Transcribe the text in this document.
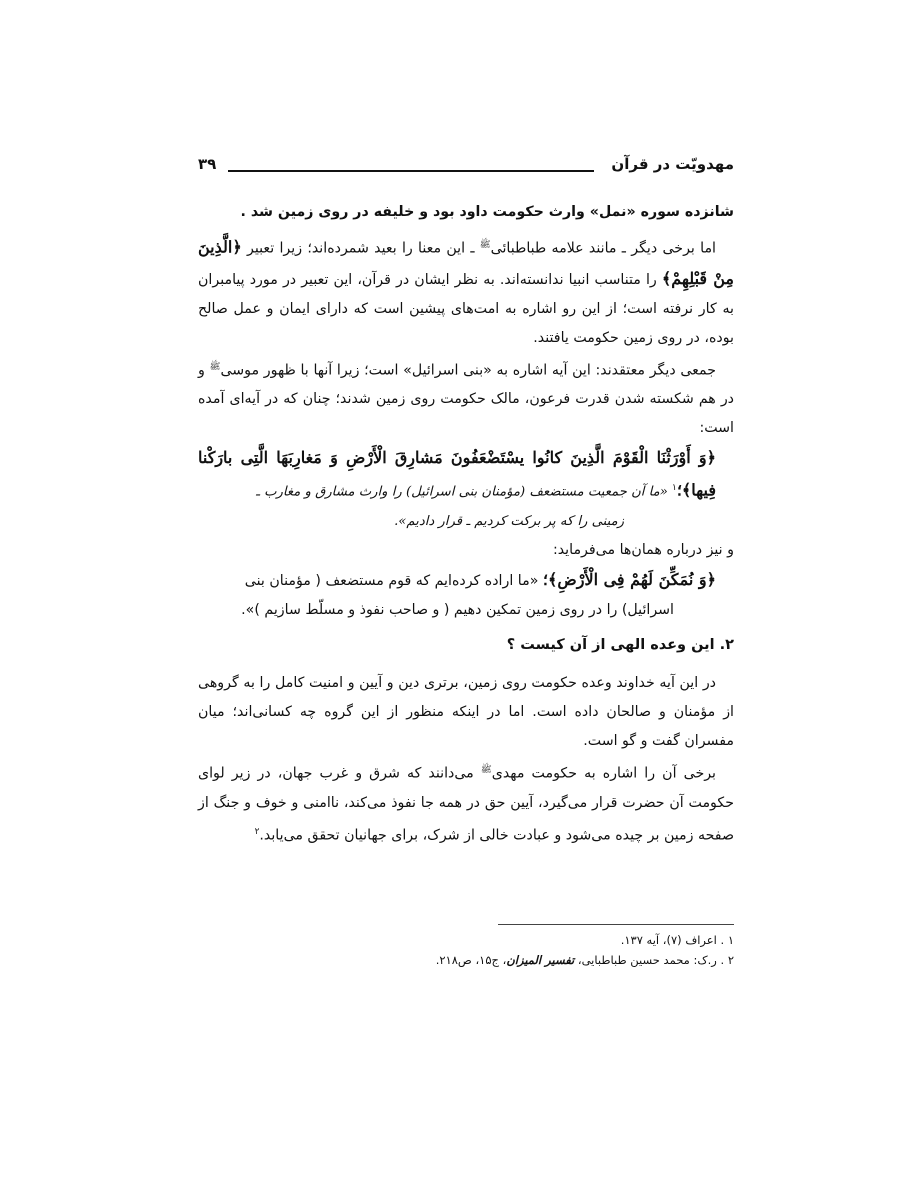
۳۹	مهدویّت در قرآن

شانزده سوره «نمل» وارث حکومت داود بود و خلیفه در روی زمین شد .

اما برخی دیگر ـ مانند علامه طباطبائی$^ﷺ$ ـ این معنا را بعید شمرده‌اند؛ زیرا تعبیر ﴿الَّذِینَ مِنْ قَبْلِهِمْ﴾ را متناسب انبیا ندانسته‌اند. به نظر ایشان در قرآن، این تعبیر در مورد پیامبران به کار نرفته است؛ از این رو اشاره به امت‌های پیشین است که دارای ایمان و عمل صالح بوده، در روی زمین حکومت یافتند.

جمعی دیگر معتقدند: این آیه اشاره به «بنی اسرائیل» است؛ زیرا آنها با ظهور موسی$^ﷺ$ و در هم شکسته شدن قدرت فرعون، مالک حکومت روی زمین شدند؛ چنان که در آیه‌ای آمده است:

﴿وَ أَوْرَثْنَا الْقَوْمَ الَّذِینَ كانُوا يسْتَضْعَفُونَ مَشارِقَ الْأَرْضِ وَ مَغارِبَهَا الَّتِی بارَكْنا فِيها﴾؛$^۱$ «ما آن جمعیت مستضعف (مؤمنان بنی اسرائیل) را وارث مشارق و مغارب ـ

زمینی را که پر برکت کردیم ـ قرار دادیم».

و نیز درباره همان‌ها می‌فرماید:

﴿وَ نُمَكِّنَ لَهُمْ فِی الْأَرْضِ﴾؛ «ما اراده کرده‌ایم که قوم مستضعف ( مؤمنان بنی

اسرائیل) را در روی زمین تمکین دهیم ( و صاحب نفوذ و مسلّط سازیم )».

۲. این وعده الهی از آن کیست ؟

در این آیه خداوند وعده حکومت روی زمین، برتری دین و آیین و امنیت کامل را به گروهی از مؤمنان و صالحان داده است. اما در اینکه منظور از این گروه چه کسانی‌اند؛ میان مفسران گفت و گو است.

برخی آن را اشاره به حکومت مهدی$^ﷺ$ می‌دانند که شرق و غرب جهان، در زیر لوای حکومت آن حضرت قرار می‌گیرد، آیین حق در همه جا نفوذ می‌کند، ناامنی و خوف و جنگ از صفحه زمین بر چیده می‌شود و عبادت خالی از شرک، برای جهانیان تحقق می‌یابد.$^۲$

۱ . اعراف (۷)، آیه ۱۳۷.

۲ . ر.ک: محمد حسین طباطبایی، تفسیر المیزان، ج۱۵، ص۲۱۸.
